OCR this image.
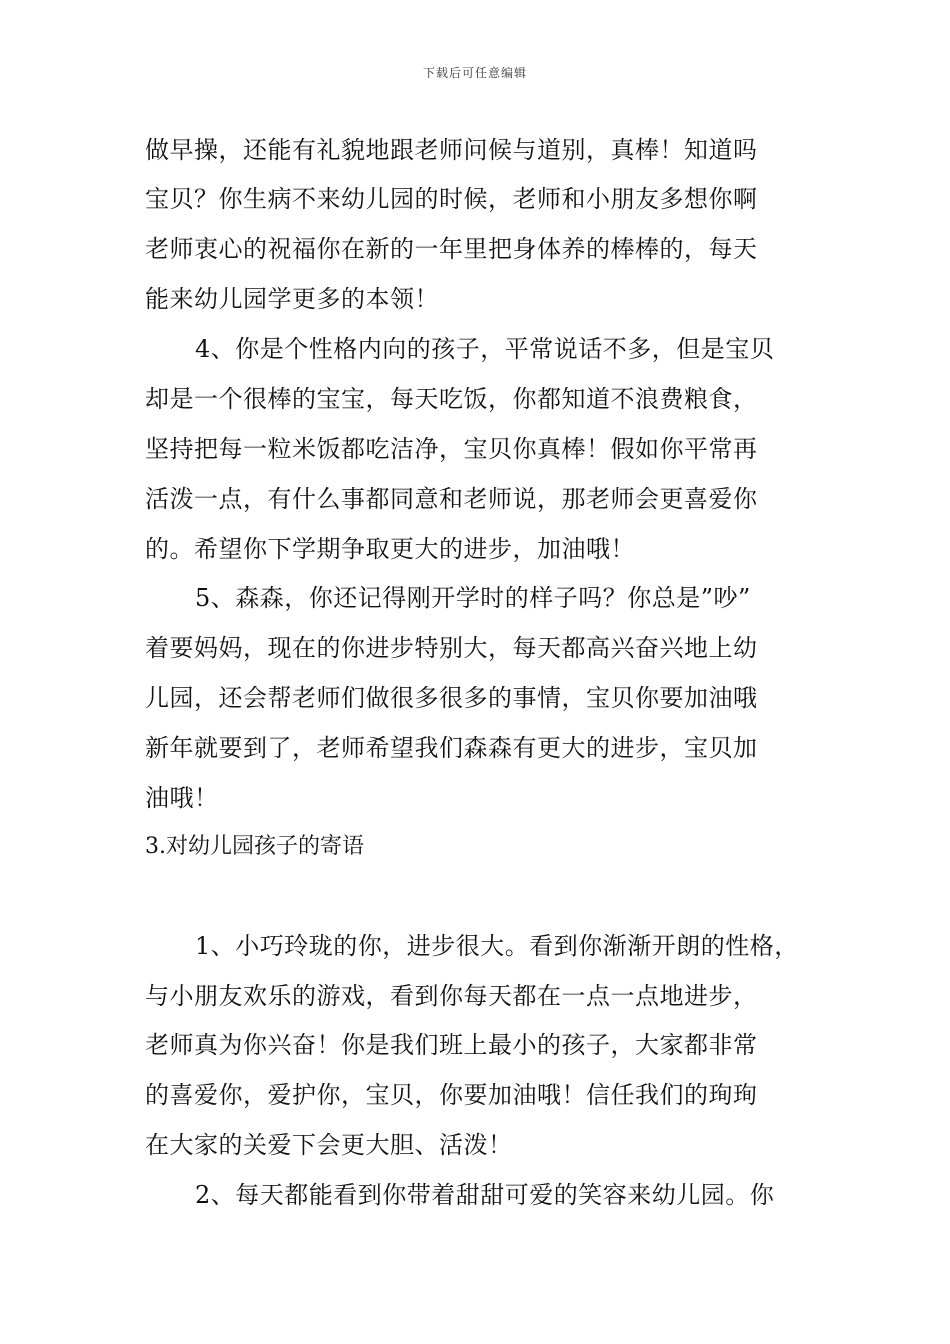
下载后可任意编辑
做早操，还能有礼貌地跟老师问候与道别，真棒！知道吗
宝贝？你生病不来幼儿园的时候，老师和小朋友多想你啊
老师衷心的祝福你在新的一年里把身体养的棒棒的，每天
能来幼儿园学更多的本领！
4、你是个性格内向的孩子，平常说话不多，但是宝贝
却是一个很棒的宝宝，每天吃饭，你都知道不浪费粮食，
坚持把每一粒米饭都吃洁净，宝贝你真棒！假如你平常再
活泼一点，有什么事都同意和老师说，那老师会更喜爱你
的。希望你下学期争取更大的进步，加油哦！
5、森森，你还记得刚开学时的样子吗？你总是”吵”
着要妈妈，现在的你进步特别大，每天都高兴奋兴地上幼
儿园，还会帮老师们做很多很多的事情，宝贝你要加油哦
新年就要到了，老师希望我们森森有更大的进步，宝贝加
油哦！
3.对幼儿园孩子的寄语
1、小巧玲珑的你，进步很大。看到你渐渐开朗的性格，
与小朋友欢乐的游戏，看到你每天都在一点一点地进步，
老师真为你兴奋！你是我们班上最小的孩子，大家都非常
的喜爱你，爱护你，宝贝，你要加油哦！信任我们的珣珣
在大家的关爱下会更大胆、活泼！
2、每天都能看到你带着甜甜可爱的笑容来幼儿园。你
